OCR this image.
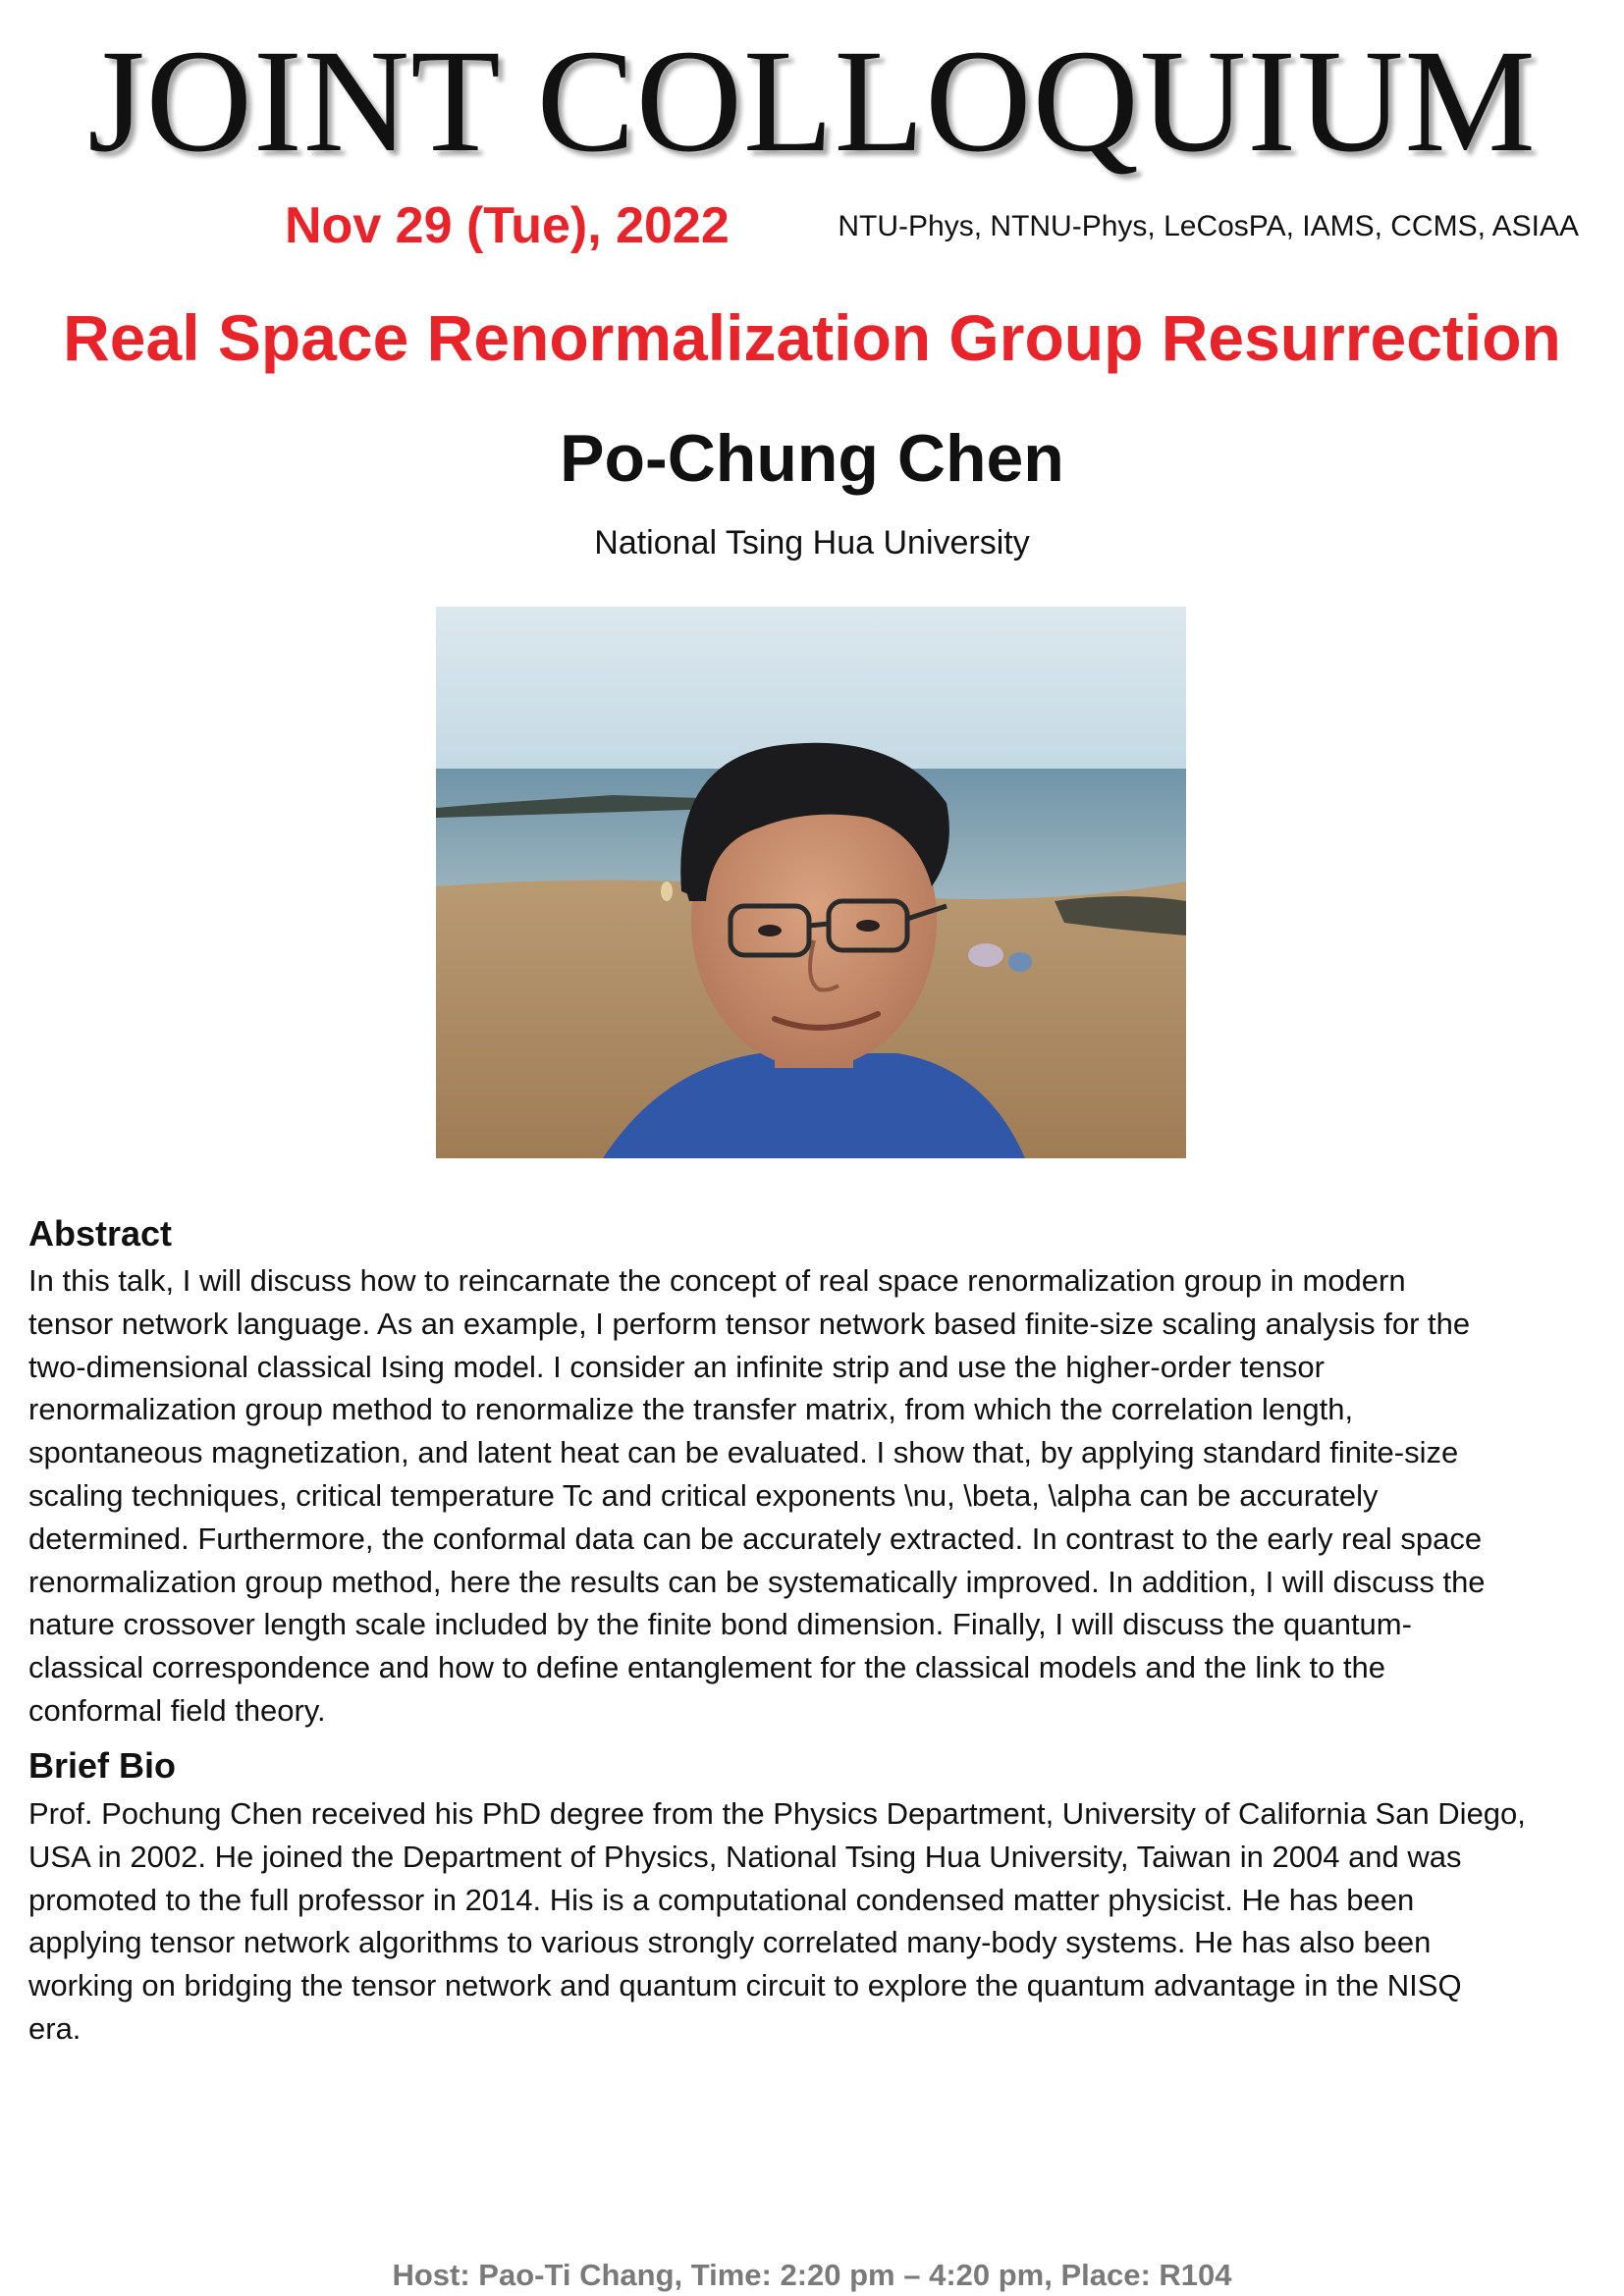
JOINT COLLOQUIUM
Nov 29 (Tue), 2022	NTU-Phys, NTNU-Phys, LeCosPA, IAMS, CCMS, ASIAA
Real Space Renormalization Group Resurrection
Po-Chung Chen
National Tsing Hua University
Abstract
In this talk, I will discuss how to reincarnate the concept of real space renormalization group in modern
tensor network language. As an example, I perform tensor network based finite-size scaling analysis for the
two-dimensional classical Ising model. I consider an infinite strip and use the higher-order tensor
renormalization group method to renormalize the transfer matrix, from which the correlation length,
spontaneous magnetization, and latent heat can be evaluated. I show that, by applying standard finite-size
scaling techniques, critical temperature Tc and critical exponents \nu, \beta, \alpha can be accurately
determined. Furthermore, the conformal data can be accurately extracted. In contrast to the early real space
renormalization group method, here the results can be systematically improved. In addition, I will discuss the
nature crossover length scale included by the finite bond dimension. Finally, I will discuss the quantum-
classical correspondence and how to define entanglement for the classical models and the link to the
conformal field theory.
Brief Bio
Prof. Pochung Chen received his PhD degree from the Physics Department, University of California San Diego,
USA in 2002. He joined the Department of Physics, National Tsing Hua University, Taiwan in 2004 and was
promoted to the full professor in 2014. His is a computational condensed matter physicist. He has been
applying tensor network algorithms to various strongly correlated many-body systems. He has also been
working on bridging the tensor network and quantum circuit to explore the quantum advantage in the NISQ
era.
Host: Pao-Ti Chang, Time: 2:20 pm – 4:20 pm, Place: R104
